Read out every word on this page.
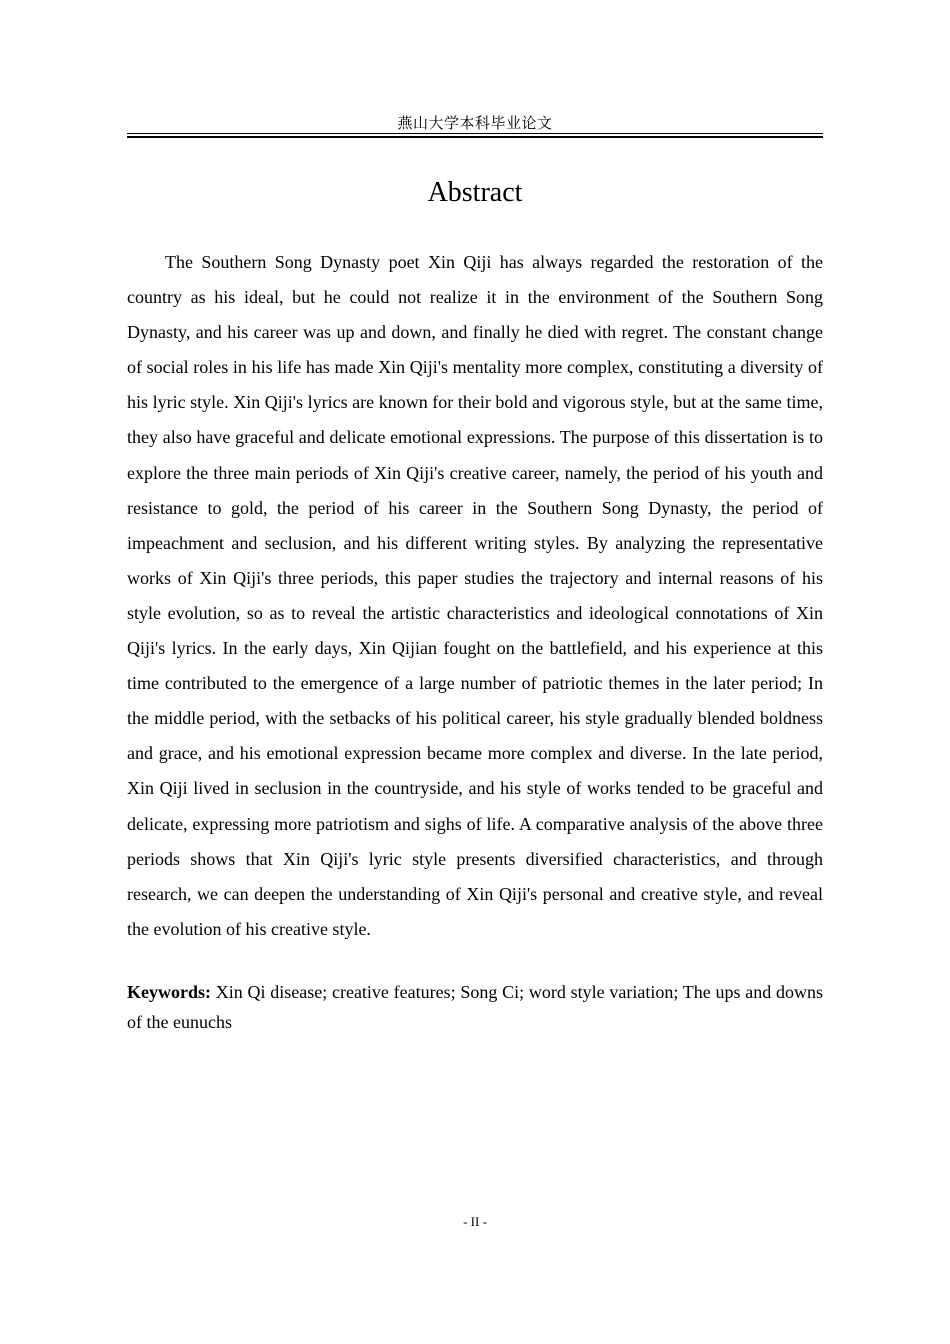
燕山大学本科毕业论文
Abstract

The Southern Song Dynasty poet Xin Qiji has always regarded the restoration of the country as his ideal, but he could not realize it in the environment of the Southern Song Dynasty, and his career was up and down, and finally he died with regret. The constant change of social roles in his life has made Xin Qiji's mentality more complex, constituting a diversity of his lyric style. Xin Qiji's lyrics are known for their bold and vigorous style, but at the same time, they also have graceful and delicate emotional expressions. The purpose of this dissertation is to explore the three main periods of Xin Qiji's creative career, namely, the period of his youth and resistance to gold, the period of his career in the Southern Song Dynasty, the period of impeachment and seclusion, and his different writing styles. By analyzing the representative works of Xin Qiji's three periods, this paper studies the trajectory and internal reasons of his style evolution, so as to reveal the artistic characteristics and ideological connotations of Xin Qiji's lyrics. In the early days, Xin Qijian fought on the battlefield, and his experience at this time contributed to the emergence of a large number of patriotic themes in the later period; In the middle period, with the setbacks of his political career, his style gradually blended boldness and grace, and his emotional expression became more complex and diverse. In the late period, Xin Qiji lived in seclusion in the countryside, and his style of works tended to be graceful and delicate, expressing more patriotism and sighs of life. A comparative analysis of the above three periods shows that Xin Qiji's lyric style presents diversified characteristics, and through research, we can deepen the understanding of Xin Qiji's personal and creative style, and reveal the evolution of his creative style.

Keywords: Xin Qi disease; creative features; Song Ci; word style variation; The ups and downs of the eunuchs

- II -
